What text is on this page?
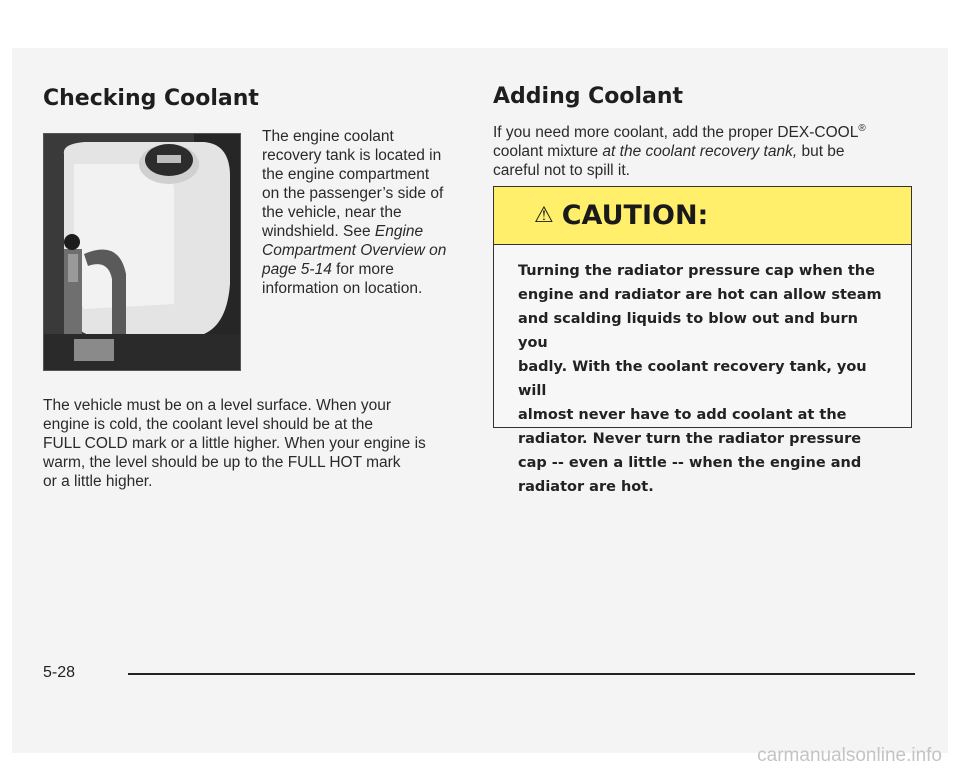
Checking Coolant
The engine coolant
recovery tank is located in
the engine compartment
on the passenger’s side of
the vehicle, near the
windshield. See Engine
Compartment Overview on
page 5-14 for more
information on location.
The vehicle must be on a level surface. When your
engine is cold, the coolant level should be at the
FULL COLD mark or a little higher. When your engine is
warm, the level should be up to the FULL HOT mark
or a little higher.
Adding Coolant
If you need more coolant, add the proper DEX-COOL®
coolant mixture at the coolant recovery tank, but be
careful not to spill it.
⚠ CAUTION:
Turning the radiator pressure cap when the
engine and radiator are hot can allow steam
and scalding liquids to blow out and burn you
badly. With the coolant recovery tank, you will
almost never have to add coolant at the
radiator. Never turn the radiator pressure
cap -- even a little -- when the engine and
radiator are hot.
5-28
carmanualsonline.info
